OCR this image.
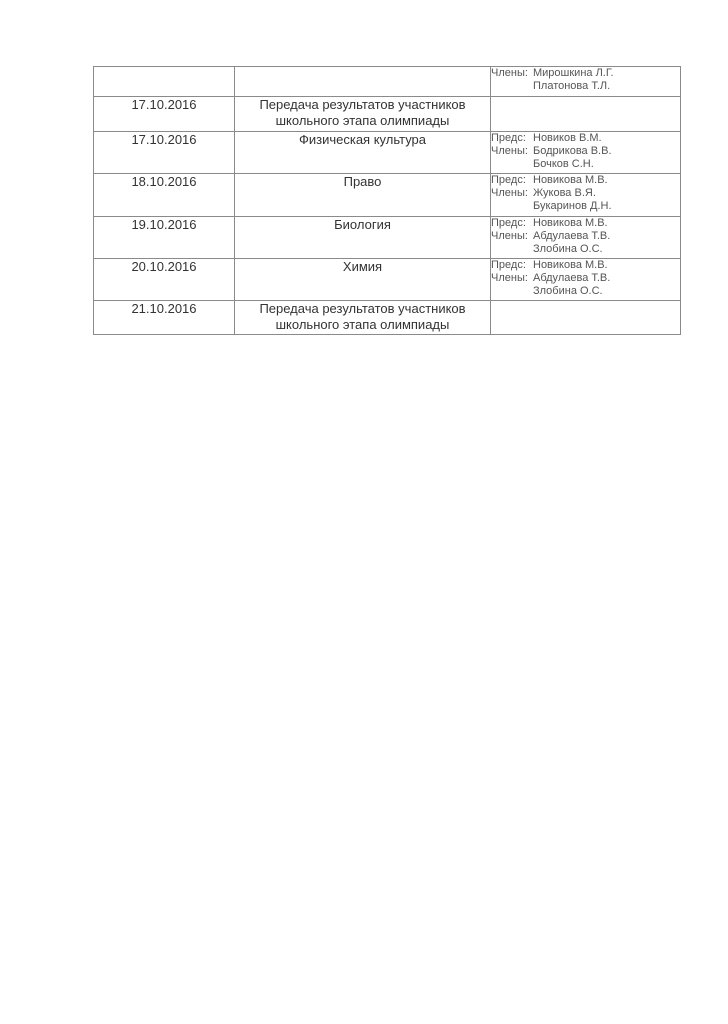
		Члены: Мирошкина Л.Г.
Платонова Т.Л.

17.10.2016	Передача результатов участников
школьного этапа олимпиады	

17.10.2016	Физическая культура	Предс: Новиков В.М.
Члены: Бодрикова В.В.
Бочков С.Н.

18.10.2016	Право	Предс: Новикова М.В.
Члены: Жукова В.Я.
Букаринов Д.Н.

19.10.2016	Биология	Предс: Новикова М.В.
Члены: Абдулаева Т.В.
Злобина О.С.

20.10.2016	Химия	Предс: Новикова М.В.
Члены: Абдулаева Т.В.
Злобина О.С.

21.10.2016	Передача результатов участников
школьного этапа олимпиады	
